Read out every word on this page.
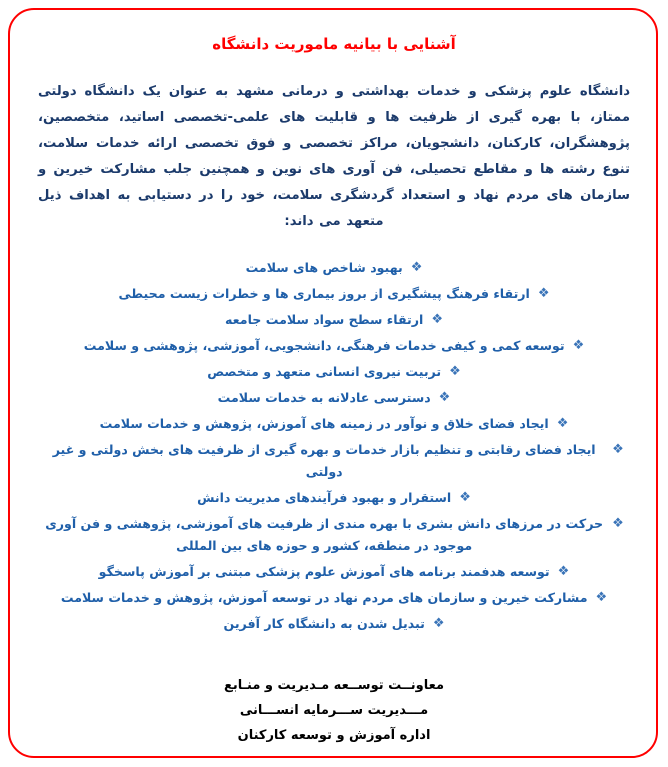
آشنایی با بیانیه ماموریت دانشگاه

دانشگاه علوم پزشکی و خدمات بهداشتی و درمانی مشهد به عنوان یک دانشگاه دولتی ممتاز، با بهره گیری از ظرفیت ها و قابلیت های علمی-تخصصی اساتید، متخصصین، پژوهشگران، کارکنان، دانشجویان، مراکز تخصصی و فوق تخصصی ارائه خدمات سلامت، تنوع رشته ها و مقاطع تحصیلی، فن آوری های نوین و همچنین جلب مشارکت خیرین و سازمان های مردم نهاد و استعداد گردشگری سلامت، خود را در دستیابی به اهداف ذیل متعهد می داند:

❖
بهبود شاخص های سلامت
❖
ارتقاء فرهنگ پیشگیری از بروز بیماری ها و خطرات زیست محیطی
❖
ارتقاء سطح سواد سلامت جامعه
❖
توسعه کمی و کیفی خدمات فرهنگی، دانشجویی، آموزشی، پژوهشی و سلامت
❖
تربیت نیروی انسانی متعهد و متخصص
❖
دسترسی عادلانه به خدمات سلامت
❖
ایجاد فضای خلاق و نوآور در زمینه های آموزش، پژوهش و خدمات سلامت
❖
ایجاد فضای رقابتی و تنظیم بازار خدمات و بهره گیری از ظرفیت های بخش دولتی و غیر دولتی
❖
استقرار و بهبود فرآیندهای مدیریت دانش
❖
حرکت در مرزهای دانش بشری با بهره مندی از ظرفیت های آموزشی، پژوهشی و فن آوری موجود در منطقه، کشور و حوزه های بین المللی
❖
توسعه هدفمند برنامه های آموزش علوم پزشکی مبتنی بر آموزش پاسخگو
❖
مشارکت خیرین و سازمان های مردم نهاد در توسعه آموزش، پژوهش و خدمات سلامت
❖
تبدیل شدن به دانشگاه کار آفرین
معاونــت توســعه مـدیریت و منـابع
مـــدیریت ســـرمایه انســـانی
اداره آموزش و توسعه کارکنان
